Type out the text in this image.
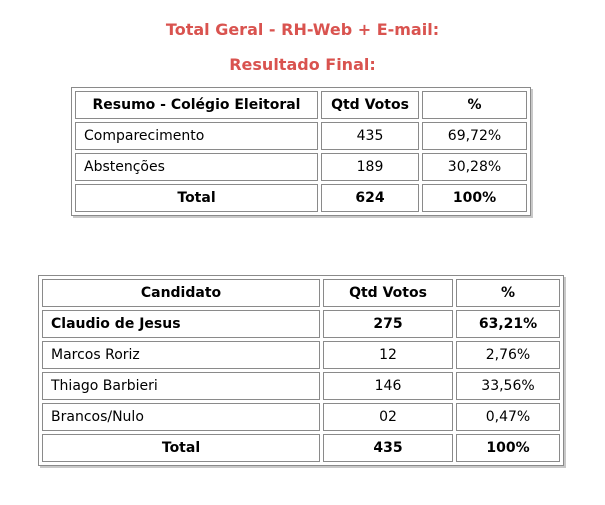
Total Geral - RH-Web + E-mail:
Resultado Final:
Resumo - Colégio Eleitoral	Qtd Votos	%
Comparecimento	435	69,72%
Abstenções	189	30,28%
Total	624	100%
Candidato	Qtd Votos	%
Claudio de Jesus	275	63,21%
Marcos Roriz	12	2,76%
Thiago Barbieri	146	33,56%
Brancos/Nulo	02	0,47%
Total	435	100%
